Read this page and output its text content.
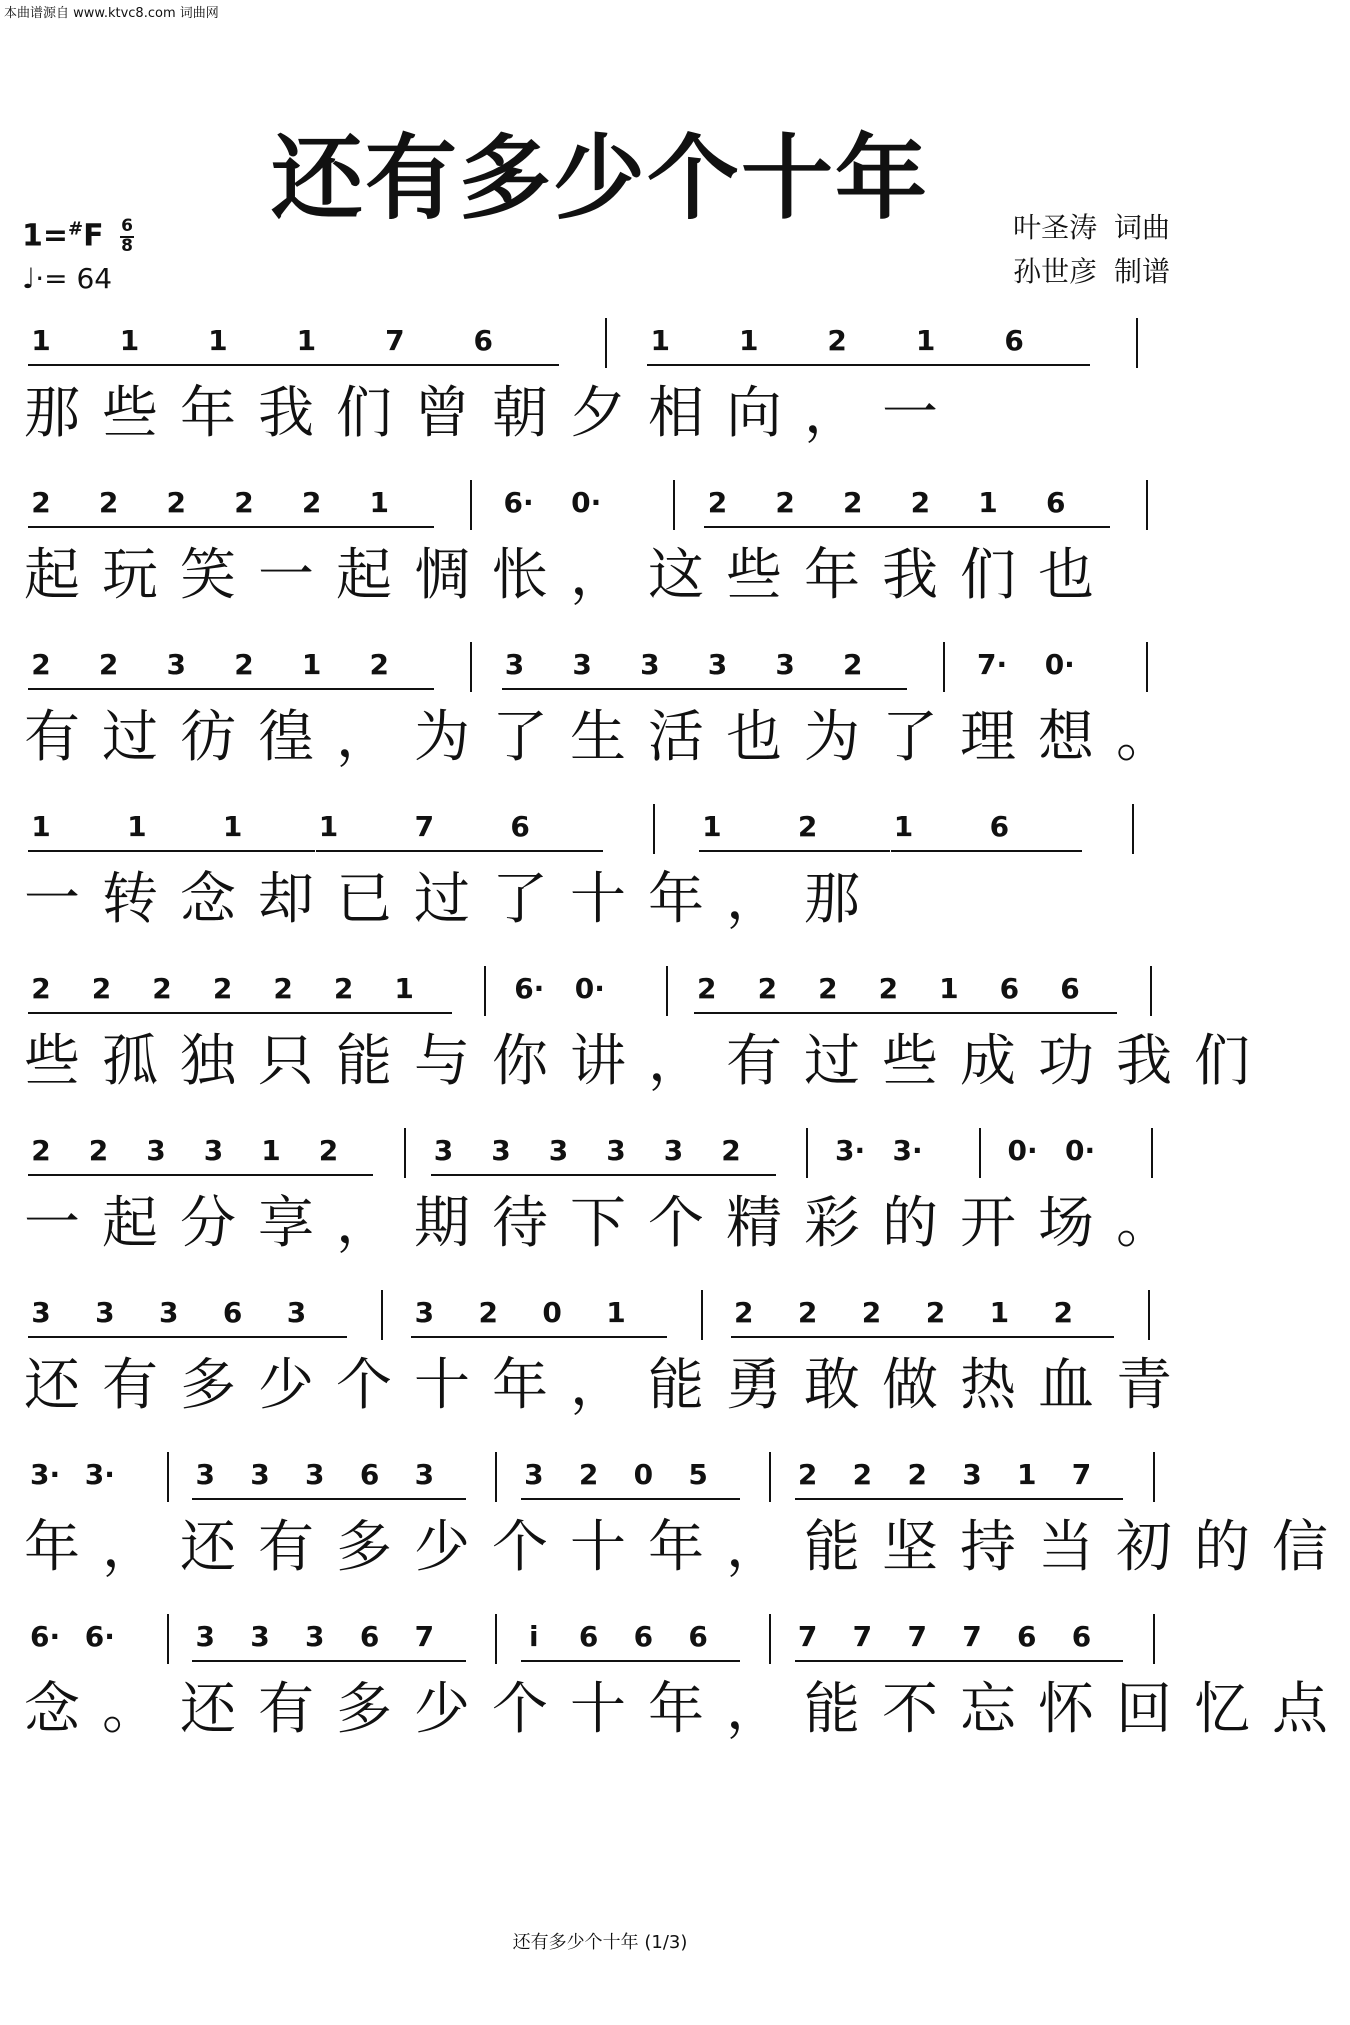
本曲谱源自 www.ktvc8.com 词曲网
还有多少个十年
$1=^{\#}F \frac{6}{8}$
♩·= 64
叶圣涛 词曲
孙世彦 制谱
1 1 1 1 7 6	1 1 2 1 6
那些年我们曾朝夕相向，一
2 2 2 2 2 1	6· 0·	2 2 2 2 1 6
起玩笑一起惆怅，这些年我们也
2 2 3 2 1 2	3 3 3 3 3 2	7· 0·
有过彷徨，为了生活也为了理想。
1	1	1	1	7	6	1	2	1	6
一转念却已过了十年，那
2 2 2 2 2 2 1	6· 0·	2 2 2 2 1 6 6
些孤独只能与你讲，有过些成功我们
2 2 3 3 1 2	3 3 3 3 3 2	3· 3·	0· 0·
一起分享，期待下个精彩的开场。
3 3 3 6 3	3 2 0 1	2 2 2 2 1 2
还有多少个十年，能勇敢做热血青
3· 3·	3 3 3 6 3	3 2 0 5	2 2 2 3 1 7
年，还有多少个十年，能坚持当初的信
6· 6·	3 3 3 6 7	i 6 6 6	7 7 7 7 6 6
念。还有多少个十年，能不忘怀回忆点
还有多少个十年 (1/3)
